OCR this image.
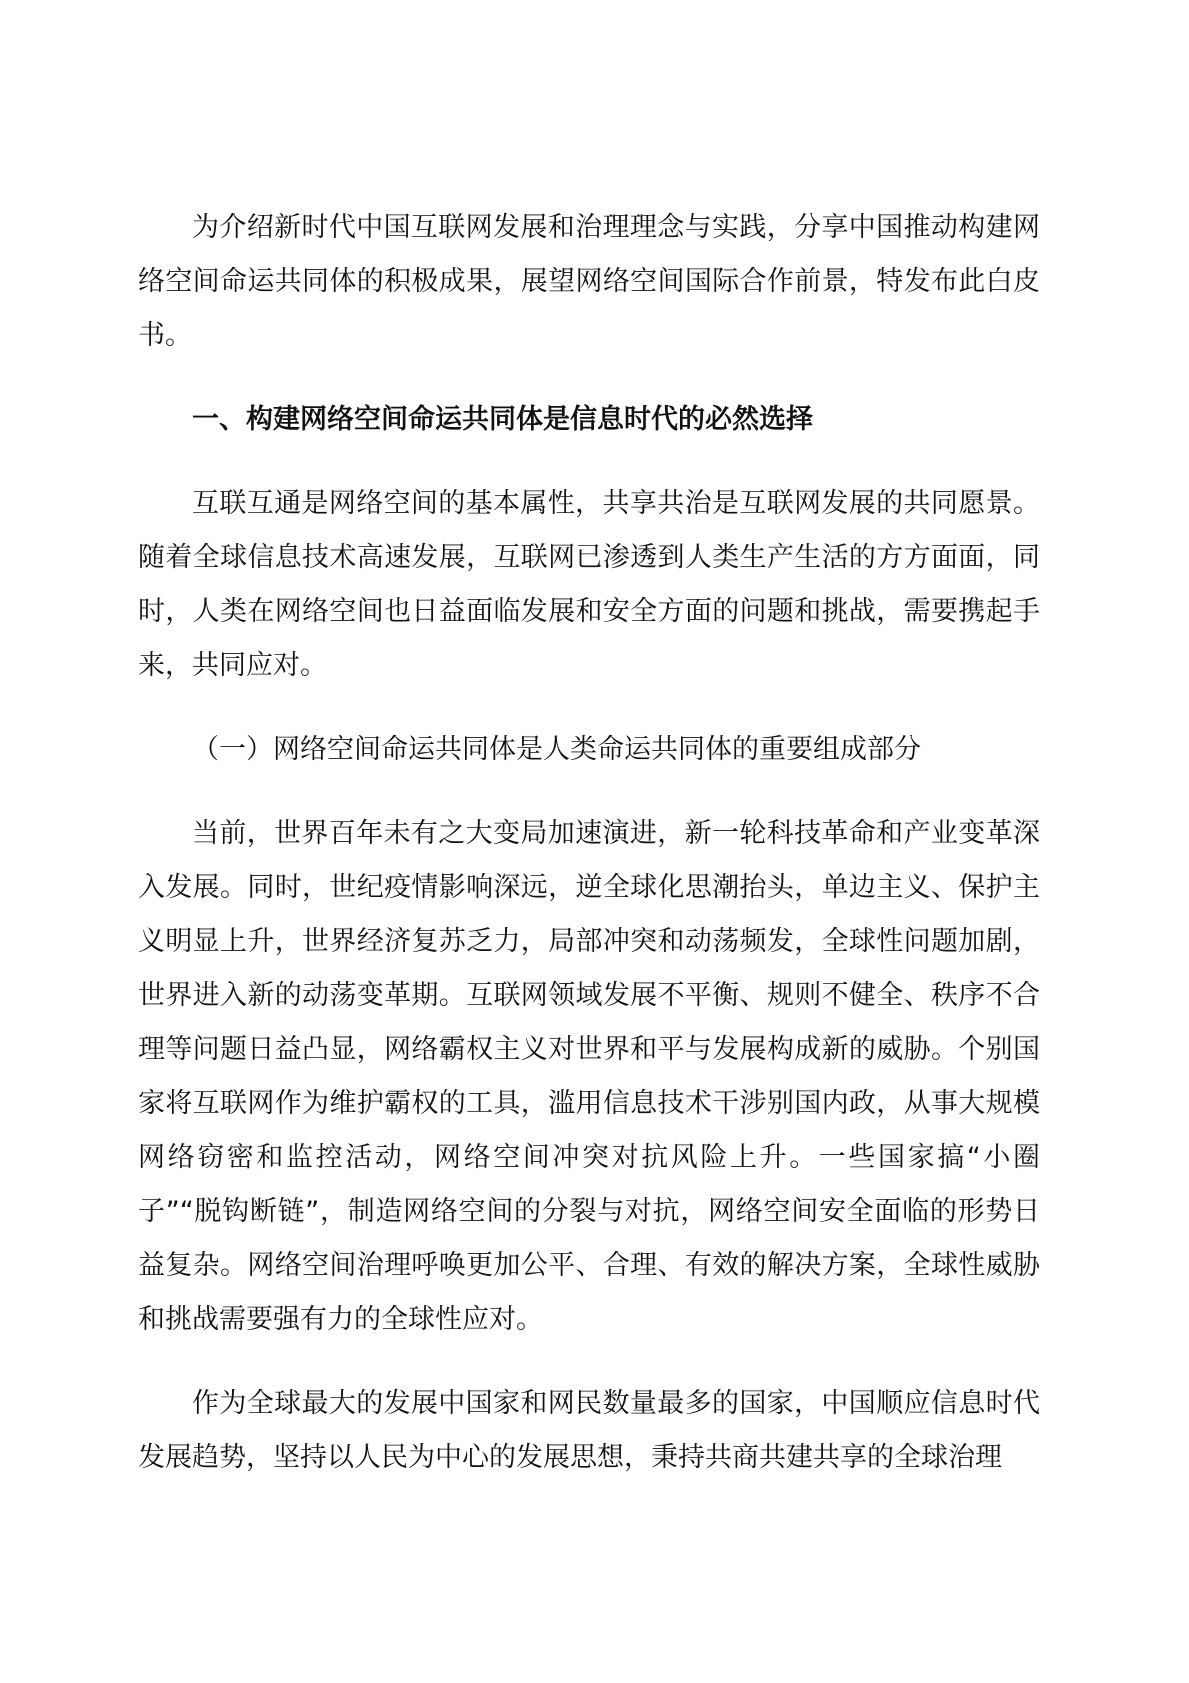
为介绍新时代中国互联网发展和治理理念与实践，分享中国推动构建网络空间命运共同体的积极成果，展望网络空间国际合作前景，特发布此白皮书。

一、构建网络空间命运共同体是信息时代的必然选择

互联互通是网络空间的基本属性，共享共治是互联网发展的共同愿景。随着全球信息技术高速发展，互联网已渗透到人类生产生活的方方面面，同时，人类在网络空间也日益面临发展和安全方面的问题和挑战，需要携起手来，共同应对。

（一）网络空间命运共同体是人类命运共同体的重要组成部分

当前，世界百年未有之大变局加速演进，新一轮科技革命和产业变革深入发展。同时，世纪疫情影响深远，逆全球化思潮抬头，单边主义、保护主义明显上升，世界经济复苏乏力，局部冲突和动荡频发，全球性问题加剧，世界进入新的动荡变革期。互联网领域发展不平衡、规则不健全、秩序不合理等问题日益凸显，网络霸权主义对世界和平与发展构成新的威胁。个别国家将互联网作为维护霸权的工具，滥用信息技术干涉别国内政，从事大规模网络窃密和监控活动，网络空间冲突对抗风险上升。一些国家搞“小圈子”“脱钩断链”，制造网络空间的分裂与对抗，网络空间安全面临的形势日益复杂。网络空间治理呼唤更加公平、合理、有效的解决方案，全球性威胁和挑战需要强有力的全球性应对。

作为全球最大的发展中国家和网民数量最多的国家，中国顺应信息时代发展趋势，坚持以人民为中心的发展思想，秉持共商共建共享的全球治理
